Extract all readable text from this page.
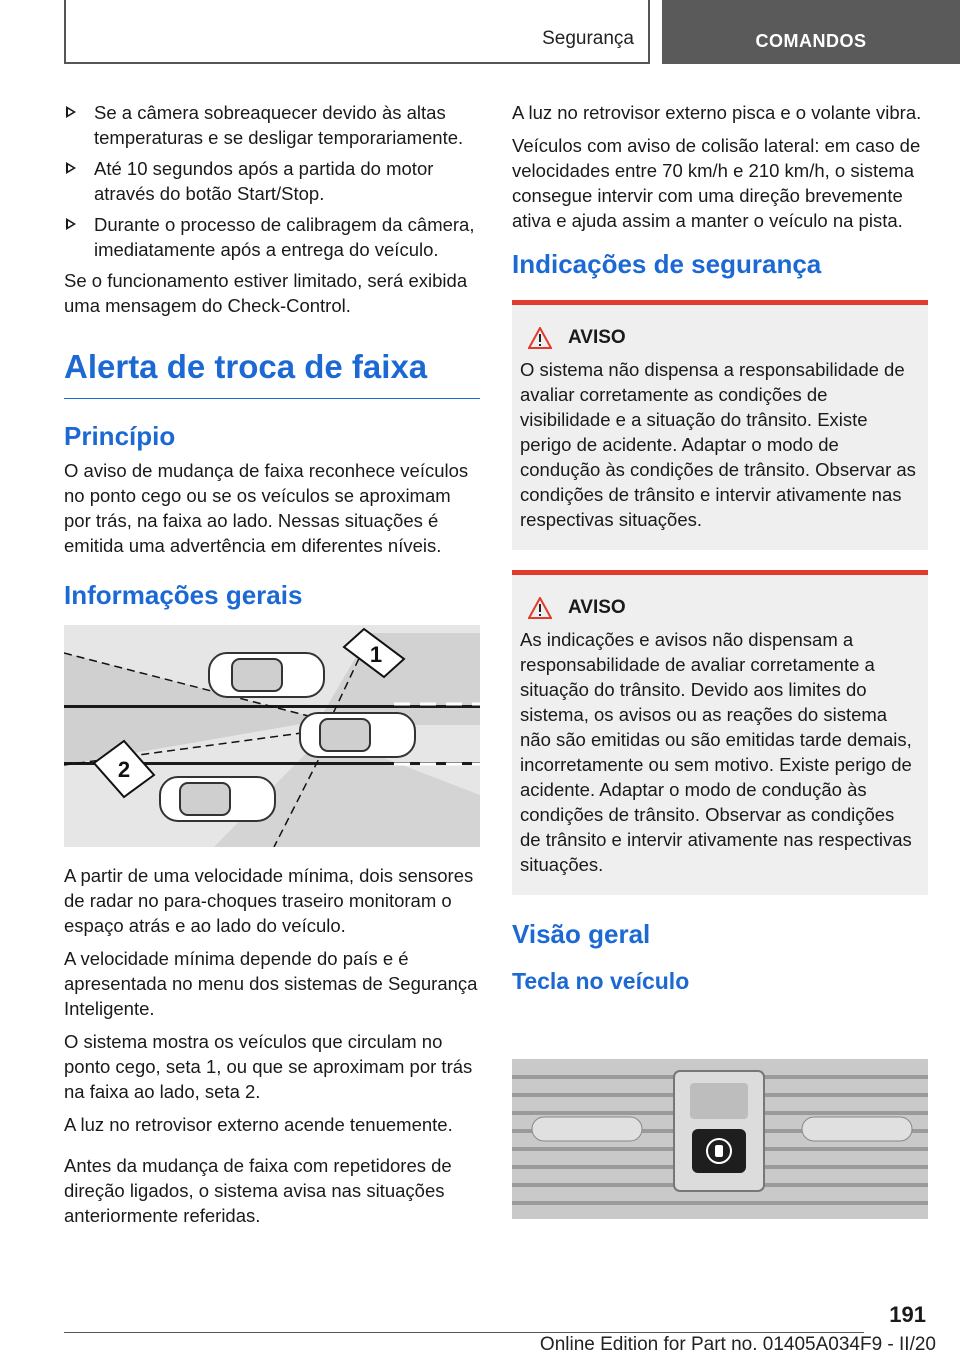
Segurança	COMANDOS
Se a câmera sobreaquecer devido às altas temperaturas e se desligar temporariamente.
Até 10 segundos após a partida do motor através do botão Start/Stop.
Durante o processo de calibragem da câmera, imediatamente após a entrega do veículo.

Se o funcionamento estiver limitado, será exibida uma mensagem do Check-Control.

Alerta de troca de faixa
Princípio

O aviso de mudança de faixa reconhece veículos no ponto cego ou se os veículos se aproximam por trás, na faixa ao lado. Nessas situações é emitida uma advertência em diferentes níveis.

Informações gerais
1
2

A partir de uma velocidade mínima, dois sensores de radar no para-choques traseiro monitoram o espaço atrás e ao lado do veículo.

A velocidade mínima depende do país e é apresentada no menu dos sistemas de Segurança Inteligente.

O sistema mostra os veículos que circulam no ponto cego, seta 1, ou que se aproximam por trás na faixa ao lado, seta 2.

A luz no retrovisor externo acende tenuemente.

Antes da mudança de faixa com repetidores de direção ligados, o sistema avisa nas situações anteriormente referidas.

A luz no retrovisor externo pisca e o volante vibra.

Veículos com aviso de colisão lateral: em caso de velocidades entre 70 km/h e 210 km/h, o sistema consegue intervir com uma direção brevemente ativa e ajuda assim a manter o veículo na pista.

Indicações de segurança
AVISO

O sistema não dispensa a responsabilidade de avaliar corretamente as condições de visibilidade e a situação do trânsito. Existe perigo de acidente. Adaptar o modo de condução às condições de trânsito. Observar as condições de trânsito e intervir ativamente nas respectivas situações.

AVISO

As indicações e avisos não dispensam a responsabilidade de avaliar corretamente a situação do trânsito. Devido aos limites do sistema, os avisos ou as reações do sistema não são emitidas ou são emitidas tarde demais, incorretamente ou sem motivo. Existe perigo de acidente. Adaptar o modo de condução às condições de trânsito. Observar as condições de trânsito e intervir ativamente nas respectivas situações.

Visão geral
Tecla no veículo
191
Online Edition for Part no. 01405A034F9 - II/20
